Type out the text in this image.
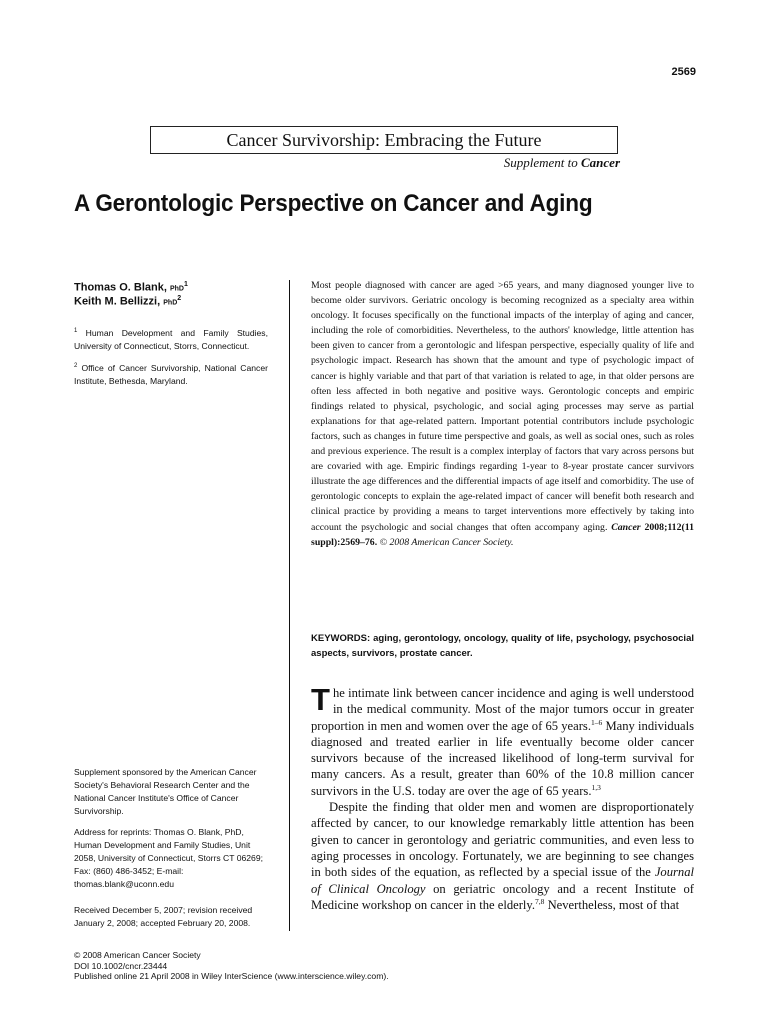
2569
Cancer Survivorship: Embracing the Future
Supplement to Cancer
A Gerontologic Perspective on Cancer and Aging
Thomas O. Blank, PhD$^1$
Keith M. Bellizzi, PhD$^2$
$^1$ Human Development and Family Studies, University of Connecticut, Storrs, Connecticut.
$^2$ Office of Cancer Survivorship, National Cancer Institute, Bethesda, Maryland.
Supplement sponsored by the American Cancer Society's Behavioral Research Center and the National Cancer Institute's Office of Cancer Survivorship.
Address for reprints: Thomas O. Blank, PhD, Human Development and Family Studies, Unit 2058, University of Connecticut, Storrs CT 06269; Fax: (860) 486-3452; E-mail: thomas.blank@uconn.edu
Received December 5, 2007; revision received January 2, 2008; accepted February 20, 2008.
Most people diagnosed with cancer are aged >65 years, and many diagnosed younger live to become older survivors. Geriatric oncology is becoming recognized as a specialty area within oncology. It focuses specifically on the functional impacts of the interplay of aging and cancer, including the role of comorbidities. Nevertheless, to the authors' knowledge, little attention has been given to cancer from a gerontologic and lifespan perspective, especially quality of life and psychologic impact. Research has shown that the amount and type of psychologic impact of cancer is highly variable and that part of that variation is related to age, in that older persons are often less affected in both negative and positive ways. Gerontologic concepts and empiric findings related to physical, psychologic, and social aging processes may serve as partial explanations for that age-related pattern. Important potential contributors include psychologic factors, such as changes in future time perspective and goals, as well as social ones, such as roles and previous experience. The result is a complex interplay of factors that vary across persons but are covaried with age. Empiric findings regarding 1-year to 8-year prostate cancer survivors illustrate the age differences and the differential impacts of age itself and comorbidity. The use of gerontologic concepts to explain the age-related impact of cancer will benefit both research and clinical practice by providing a means to target interventions more effectively by taking into account the psychologic and social changes that often accompany aging. Cancer 2008;112(11 suppl):2569–76. © 2008 American Cancer Society.
KEYWORDS: aging, gerontology, oncology, quality of life, psychology, psychosocial aspects, survivors, prostate cancer.

The intimate link between cancer incidence and aging is well understood in the medical community. Most of the major tumors occur in greater proportion in men and women over the age of 65 years.$^{1-6}$ Many individuals diagnosed and treated earlier in life eventually become older cancer survivors because of the increased likelihood of long-term survival for many cancers. As a result, greater than 60% of the 10.8 million cancer survivors in the U.S. today are over the age of 65 years.$^{1,3}$

Despite the finding that older men and women are disproportionately affected by cancer, to our knowledge remarkably little attention has been given to cancer in gerontology and geriatric communities, and even less to aging processes in oncology. Fortunately, we are beginning to see changes in both sides of the equation, as reflected by a special issue of the Journal of Clinical Oncology on geriatric oncology and a recent Institute of Medicine workshop on cancer in the elderly.$^{7,8}$ Nevertheless, most of that

© 2008 American Cancer Society
DOI 10.1002/cncr.23444
Published online 21 April 2008 in Wiley InterScience (www.interscience.wiley.com).
